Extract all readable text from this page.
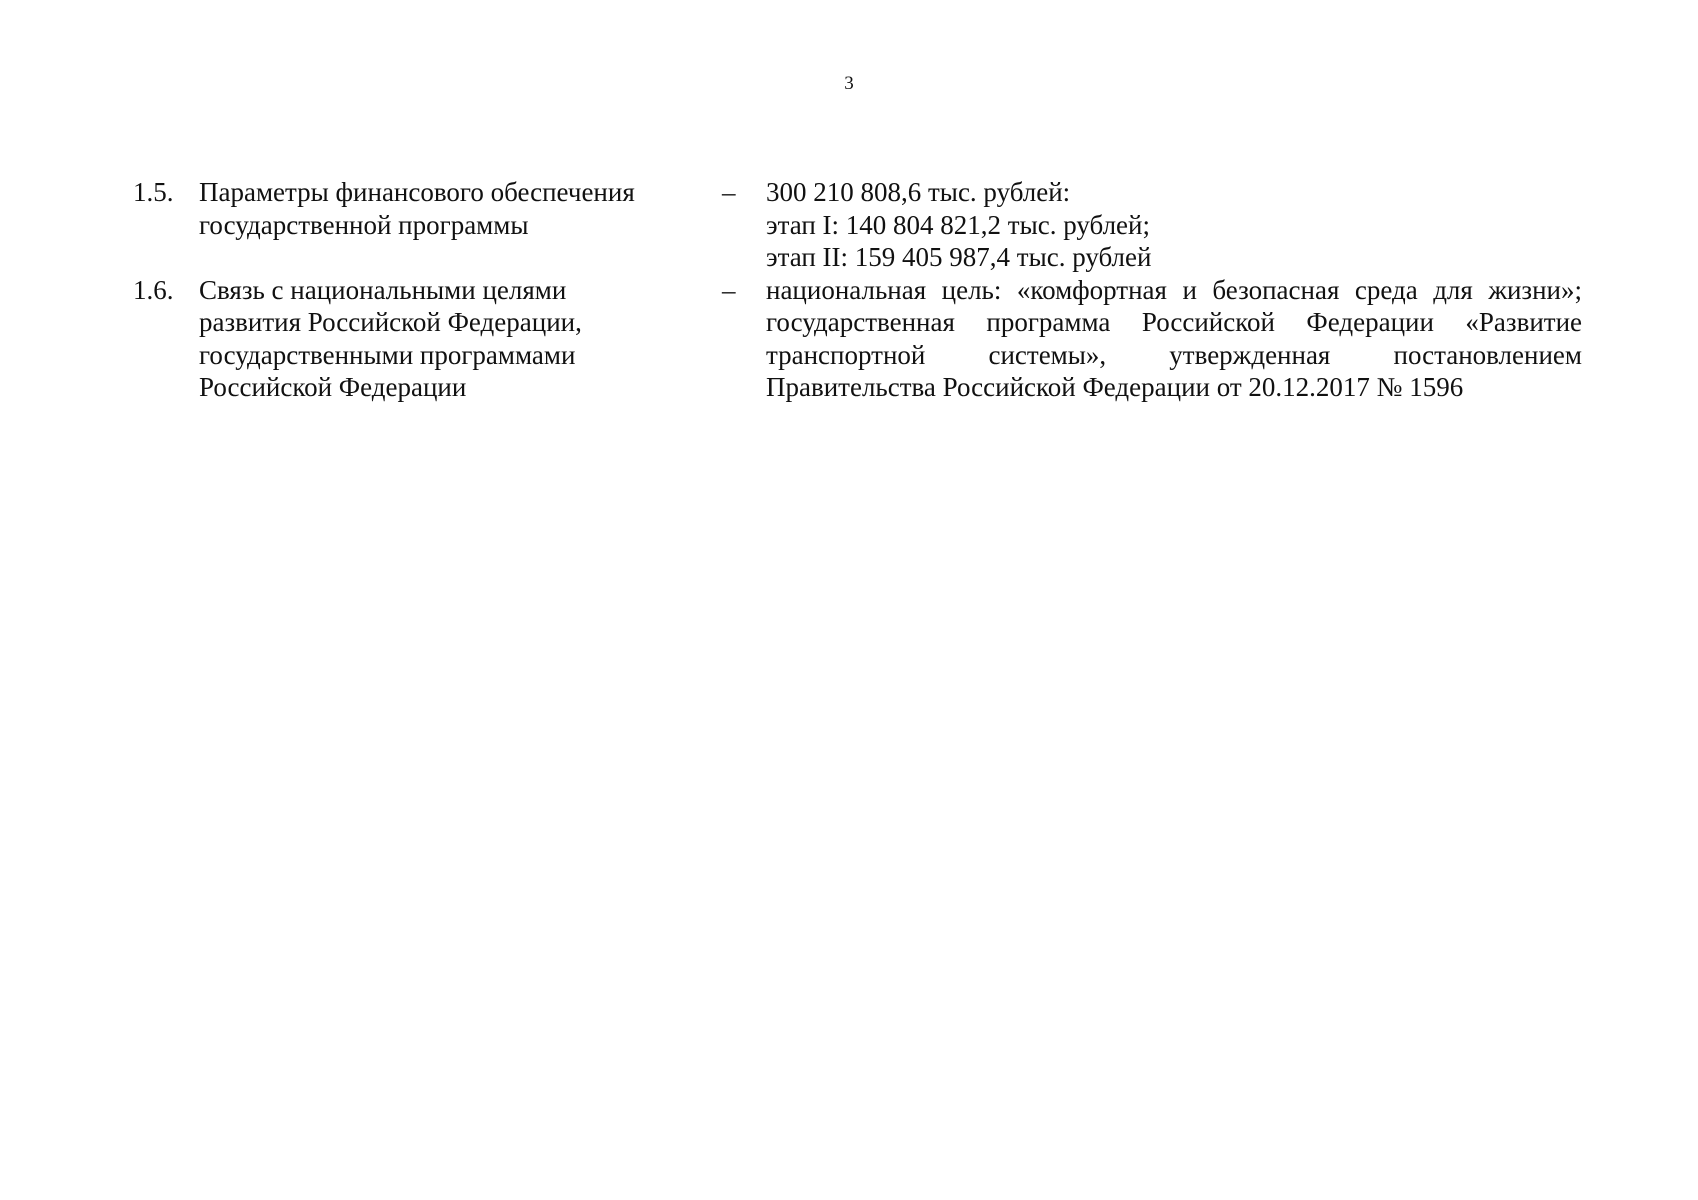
3
1.5. Параметры финансового обеспечения
государственной программы
– 300 210 808,6 тыс. рублей:
этап I: 140 804 821,2 тыс. рублей;
этап II: 159 405 987,4 тыс. рублей
1.6. Связь с национальными целями
развития Российской Федерации,
государственными программами
Российской Федерации
– национальная цель: «комфортная и безопасная среда для жизни»;
государственная программа Российской Федерации «Развитие
транспортной системы», утвержденная постановлением
Правительства Российской Федерации от 20.12.2017 № 1596
